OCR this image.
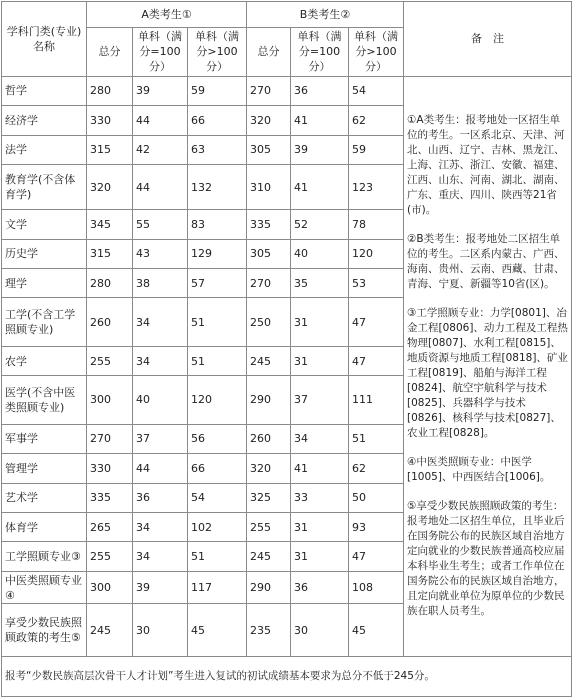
学科门类(专业)名称	A类考生①			B类考生②			备　注
	总分	单科（满分=100分）	单科（满分>100分）	总分	单科（满分=100分）	单科（满分>100分）	
哲学	280	39	59	270	36	54	①A类考生：报考地处一区招生单位的考生。一区系北京、天津、河北、山西、辽宁、吉林、黑龙江、上海、江苏、浙江、安徽、福建、江西、山东、河南、湖北、湖南、广东、重庆、四川、陕西等21省(市)。

②B类考生：报考地处二区招生单位的考生。二区系内蒙古、广西、海南、贵州、云南、西藏、甘肃、青海、宁夏、新疆等10省(区)。

③工学照顾专业：力学[0801]、冶金工程[0806]、动力工程及工程热物理[0807]、水利工程[0815]、地质资源与地质工程[0818]、矿业工程[0819]、船舶与海洋工程[0824]、航空宇航科学与技术[0825]、兵器科学与技术[0826]、核科学与技术[0827]、农业工程[0828]。

④中医类照顾专业：中医学[1005]、中西医结合[1006]。

⑤享受少数民族照顾政策的考生：报考地处二区招生单位，且毕业后在国务院公布的民族区域自治地方定向就业的少数民族普通高校应届本科毕业生考生；或者工作单位在国务院公布的民族区域自治地方，且定向就业单位为原单位的少数民族在职人员考生。

经济学	330	44	66	320	41	62	
法学	315	42	63	305	39	59	
教育学(不含体育学)	320	44	132	310	41	123	
文学	345	55	83	335	52	78	
历史学	315	43	129	305	40	120	
理学	280	38	57	270	35	53	
工学(不含工学照顾专业)	260	34	51	250	31	47	
农学	255	34	51	245	31	47	
医学(不含中医类照顾专业)	300	40	120	290	37	111	
军事学	270	37	56	260	34	51	
管理学	330	44	66	320	41	62	
艺术学	335	36	54	325	33	50	
体育学	265	34	102	255	31	93	
工学照顾专业③	255	34	51	245	31	47	
中医类照顾专业④	300	39	117	290	36	108	
享受少数民族照顾政策的考生⑤	245	30	45	235	30	45	
报考“少数民族高层次骨干人才计划”考生进入复试的初试成绩基本要求为总分不低于245分。							
